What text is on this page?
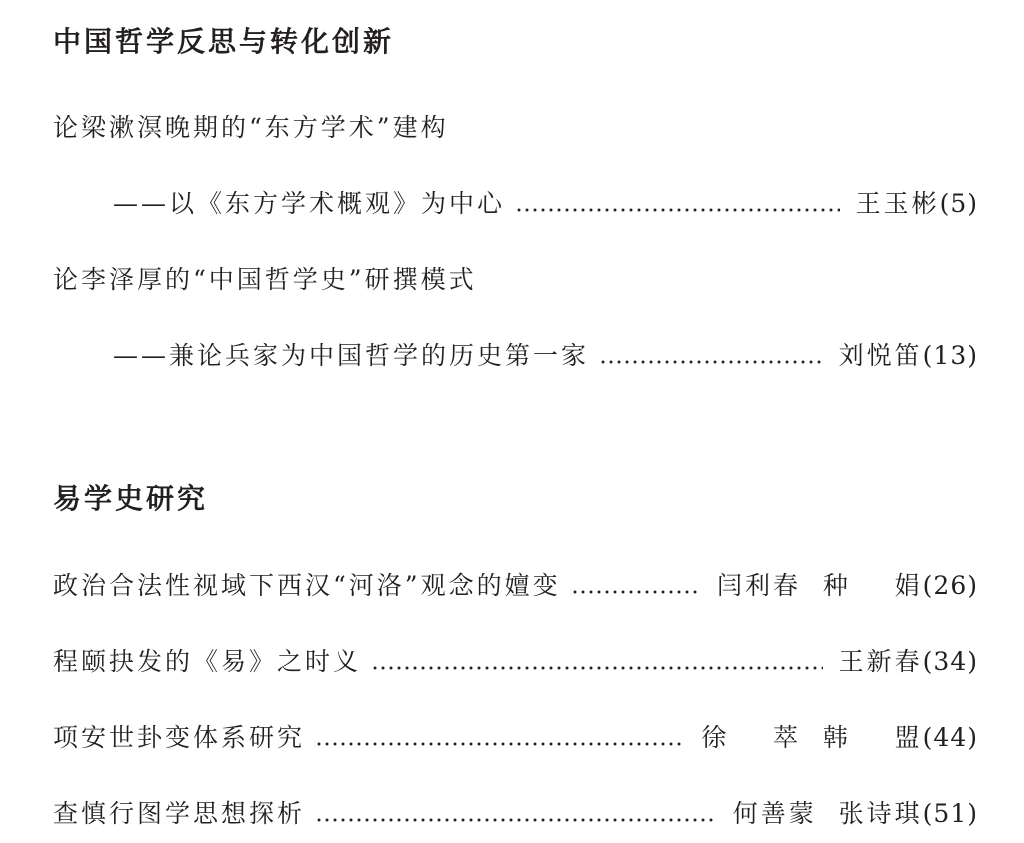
中国哲学反思与转化创新
论梁漱溟晚期的“东方学术”建构
——以《东方学术概观》为中心	王玉彬 (5)
论李泽厚的“中国哲学史”研撰模式
——兼论兵家为中国哲学的历史第一家	刘悦笛 (13)
易学史研究
政治合法性视域下西汉“河洛”观念的嬗变	闫利春  种    娟 (26)
程颐抉发的《易》之时义	王新春 (34)
项安世卦变体系研究	徐    萃  韩    盟 (44)
查慎行图学思想探析	何善蒙  张诗琪 (51)
